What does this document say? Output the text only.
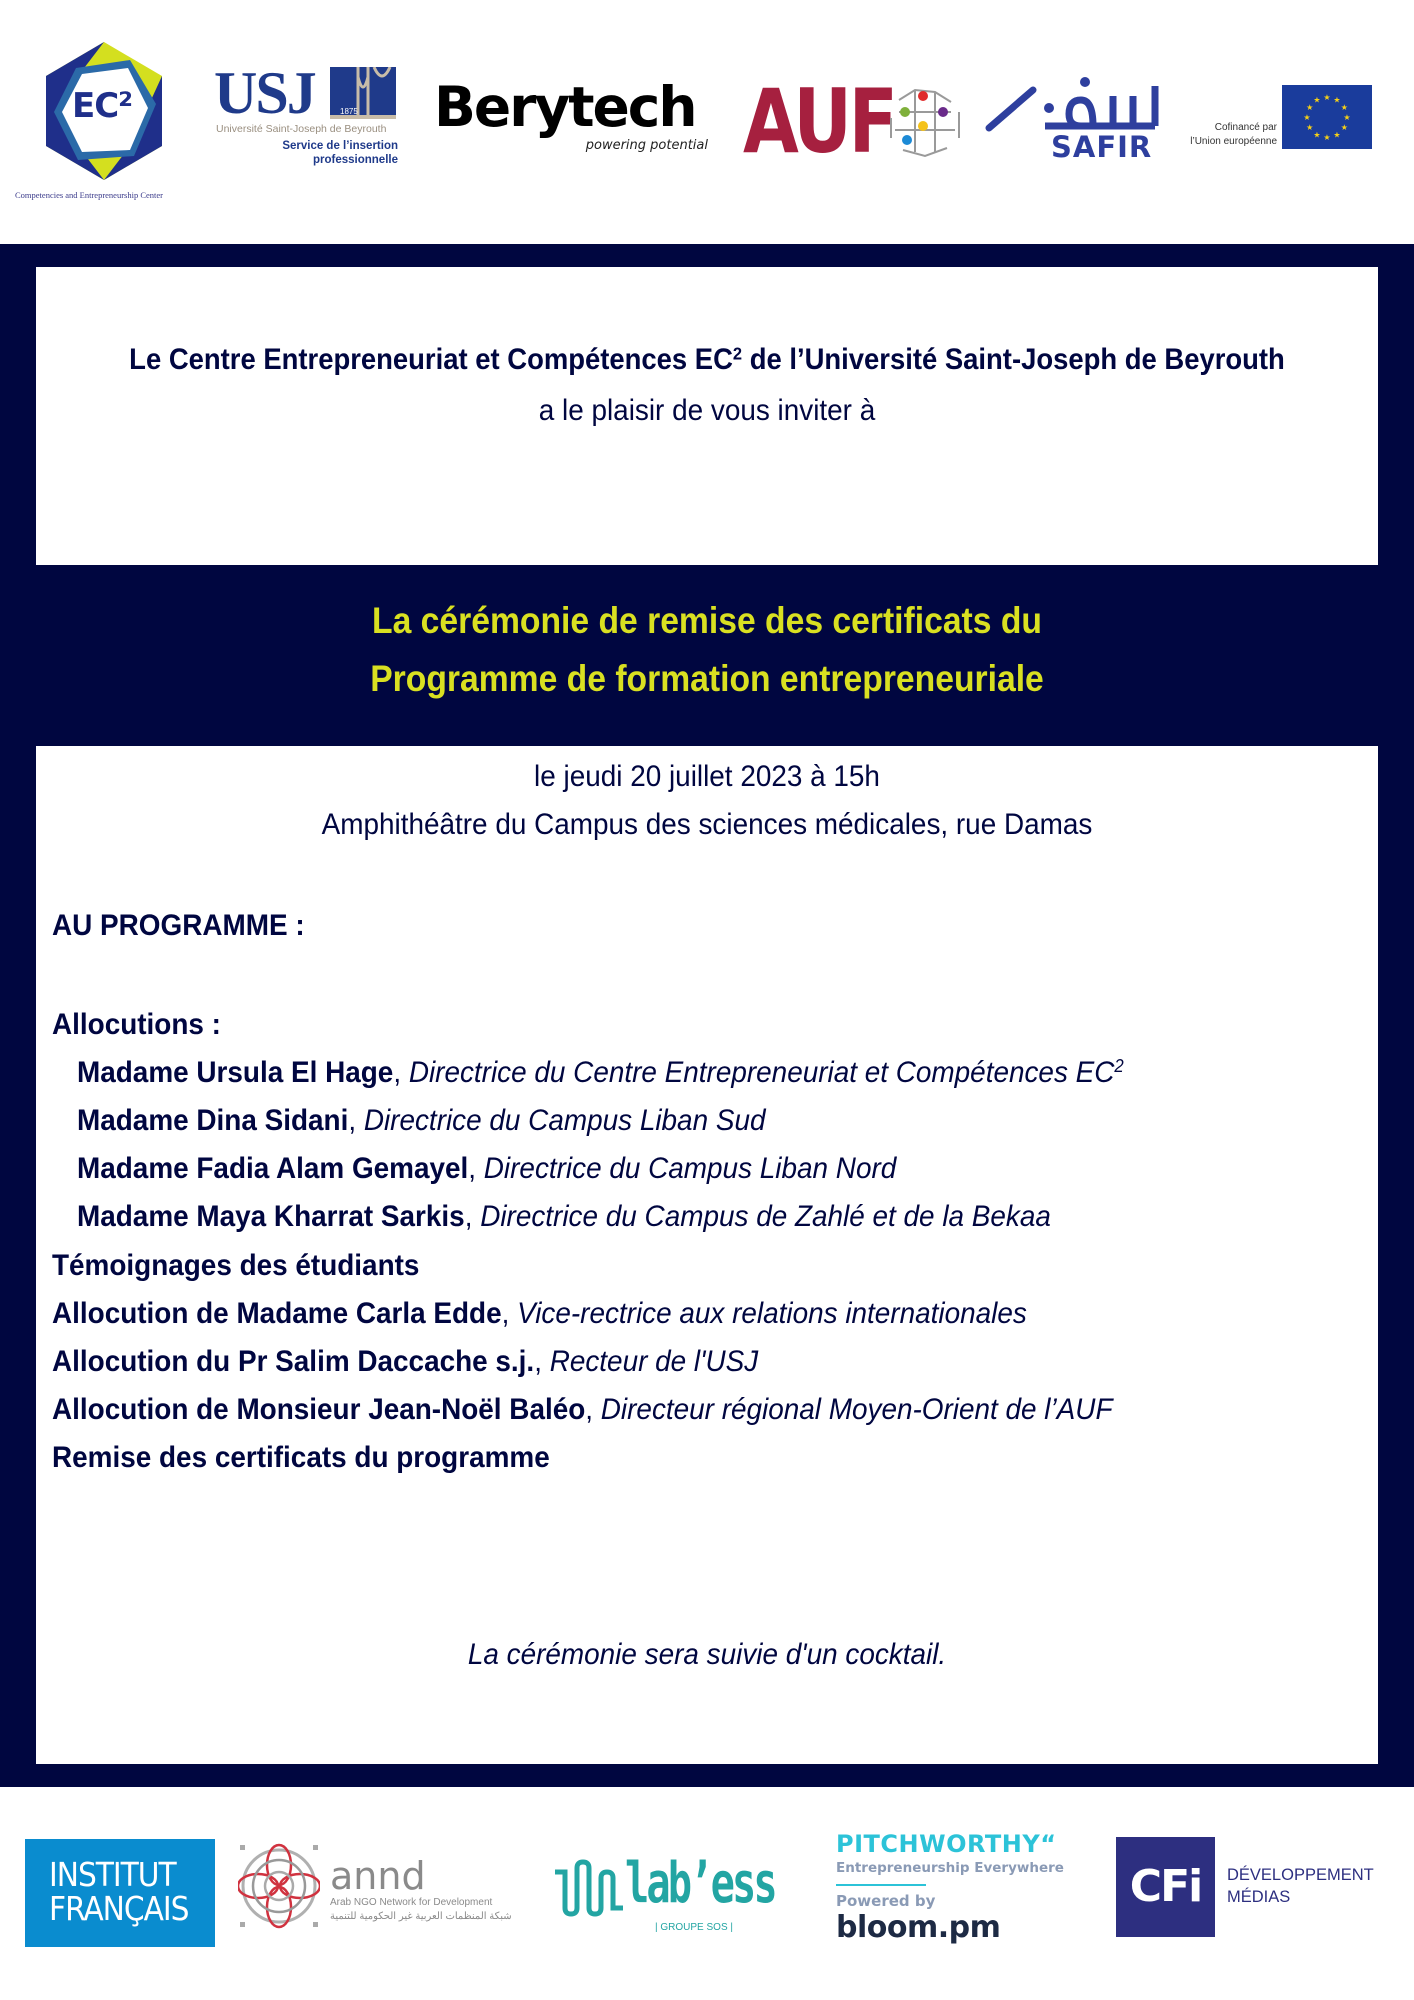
EC²
Competencies and Entrepreneurship Center
USJ	1875
Université Saint-Joseph de Beyrouth
Service de l’insertion
professionnelle
Berytech
powering potential AUF	SAFIR
Cofinancé par
l’Union européenne
★ ★
★
★
★
★
★
★
★
★
★
★
Le Centre Entrepreneuriat et Compétences $EC^2$ de l’Université Saint-Joseph de Beyrouth
a le plaisir de vous inviter à
La cérémonie de remise des certificats du
Programme de formation entrepreneuriale
le jeudi 20 juillet 2023 à 15h
Amphithéâtre du Campus des sciences médicales, rue Damas
AU PROGRAMME :
Allocutions :
Madame Ursula El Hage, Directrice du Centre Entrepreneuriat et Compétences $EC^2$
Madame Dina Sidani, Directrice du Campus Liban Sud
Madame Fadia Alam Gemayel, Directrice du Campus Liban Nord
Madame Maya Kharrat Sarkis, Directrice du Campus de Zahlé et de la Bekaa
Témoignages des étudiants
Allocution de Madame Carla Edde, Vice-rectrice aux relations internationales
Allocution du Pr Salim Daccache s.j., Recteur de l'USJ
Allocution de Monsieur Jean-Noël Baléo, Directeur régional Moyen-Orient de l’AUF
Remise des certificats du programme
La cérémonie sera suivie d'un cocktail.
INSTITUT
FRANÇAIS
annd
Arab NGO Network for Development
شبكة المنظمات العربية غير الحكومية للتنمية
lab’ess
| GROUPE SOS |
PITCHWORTHY“
Entrepreneurship Everywhere
Powered by
bloom.pm
CFi	DÉVELOPPEMENT
MÉDIAS
